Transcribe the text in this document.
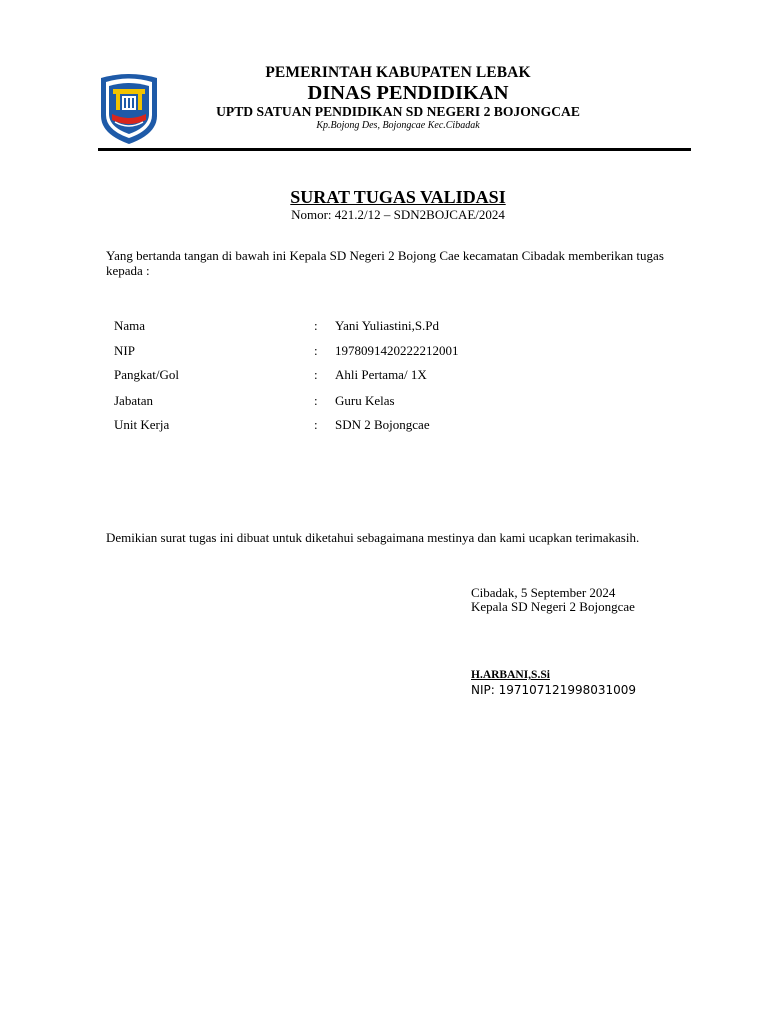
PEMERINTAH KABUPATEN LEBAK
DINAS PENDIDIKAN
UPTD SATUAN PENDIDIKAN SD NEGERI 2 BOJONGCAE
Kp.Bojong Des, Bojongcae Kec.Cibadak
SURAT TUGAS VALIDASI
Nomor: 421.2/12 – SDN2BOJCAE/2024
Yang bertanda tangan di bawah ini Kepala SD Negeri 2 Bojong Cae kecamatan Cibadak memberikan tugas kepada :
Nama	: Yani Yuliastini,S.Pd
NIP	: 1978091420222212001
Pangkat/Gol	: Ahli Pertama/ 1X
Jabatan	: Guru Kelas
Unit Kerja	: SDN 2 Bojongcae
Demikian surat tugas ini dibuat untuk diketahui sebagaimana mestinya dan kami ucapkan terimakasih.
Cibadak, 5 September 2024
Kepala SD Negeri 2 Bojongcae
H.ARBANI,S.Si
NIP: 197107121998031009
